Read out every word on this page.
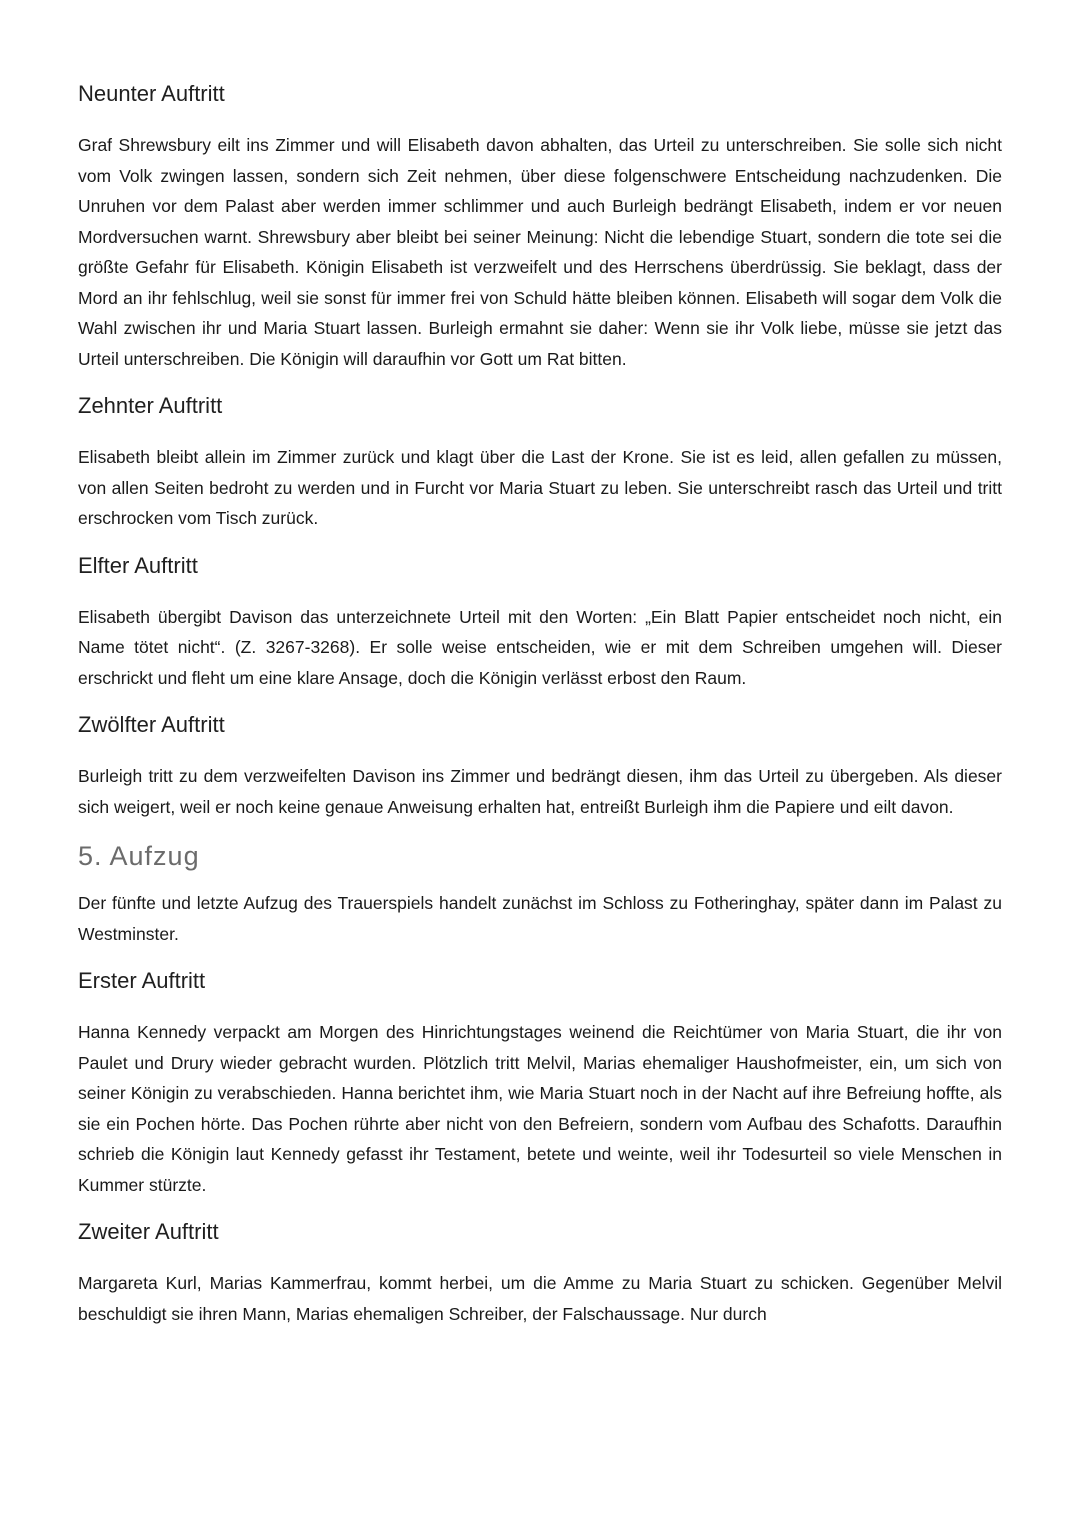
Neunter Auftritt

Graf Shrewsbury eilt ins Zimmer und will Elisabeth davon abhalten, das Urteil zu unterschreiben. Sie solle sich nicht vom Volk zwingen lassen, sondern sich Zeit nehmen, über diese folgenschwere Entscheidung nachzudenken. Die Unruhen vor dem Palast aber werden immer schlimmer und auch Burleigh bedrängt Elisabeth, indem er vor neuen Mordversuchen warnt. Shrewsbury aber bleibt bei seiner Meinung: Nicht die lebendige Stuart, sondern die tote sei die größte Gefahr für Elisabeth. Königin Elisabeth ist verzweifelt und des Herrschens überdrüssig. Sie beklagt, dass der Mord an ihr fehlschlug, weil sie sonst für immer frei von Schuld hätte bleiben können. Elisabeth will sogar dem Volk die Wahl zwischen ihr und Maria Stuart lassen. Burleigh ermahnt sie daher: Wenn sie ihr Volk liebe, müsse sie jetzt das Urteil unterschreiben. Die Königin will daraufhin vor Gott um Rat bitten.

Zehnter Auftritt

Elisabeth bleibt allein im Zimmer zurück und klagt über die Last der Krone. Sie ist es leid, allen gefallen zu müssen, von allen Seiten bedroht zu werden und in Furcht vor Maria Stuart zu leben. Sie unterschreibt rasch das Urteil und tritt erschrocken vom Tisch zurück.

Elfter Auftritt

Elisabeth übergibt Davison das unterzeichnete Urteil mit den Worten: „Ein Blatt Papier entscheidet noch nicht, ein Name tötet nicht“. (Z. 3267-3268). Er solle weise entscheiden, wie er mit dem Schreiben umgehen will. Dieser erschrickt und fleht um eine klare Ansage, doch die Königin verlässt erbost den Raum.

Zwölfter Auftritt

Burleigh tritt zu dem verzweifelten Davison ins Zimmer und bedrängt diesen, ihm das Urteil zu übergeben. Als dieser sich weigert, weil er noch keine genaue Anweisung erhalten hat, entreißt Burleigh ihm die Papiere und eilt davon.

5. Aufzug

Der fünfte und letzte Aufzug des Trauerspiels handelt zunächst im Schloss zu Fotheringhay, später dann im Palast zu Westminster.

Erster Auftritt

Hanna Kennedy verpackt am Morgen des Hinrichtungstages weinend die Reichtümer von Maria Stuart, die ihr von Paulet und Drury wieder gebracht wurden. Plötzlich tritt Melvil, Marias ehemaliger Haushofmeister, ein, um sich von seiner Königin zu verabschieden. Hanna berichtet ihm, wie Maria Stuart noch in der Nacht auf ihre Befreiung hoffte, als sie ein Pochen hörte. Das Pochen rührte aber nicht von den Befreiern, sondern vom Aufbau des Schafotts. Daraufhin schrieb die Königin laut Kennedy gefasst ihr Testament, betete und weinte, weil ihr Todesurteil so viele Menschen in Kummer stürzte.

Zweiter Auftritt

Margareta Kurl, Marias Kammerfrau, kommt herbei, um die Amme zu Maria Stuart zu schicken. Gegenüber Melvil beschuldigt sie ihren Mann, Marias ehemaligen Schreiber, der Falschaussage. Nur durch
